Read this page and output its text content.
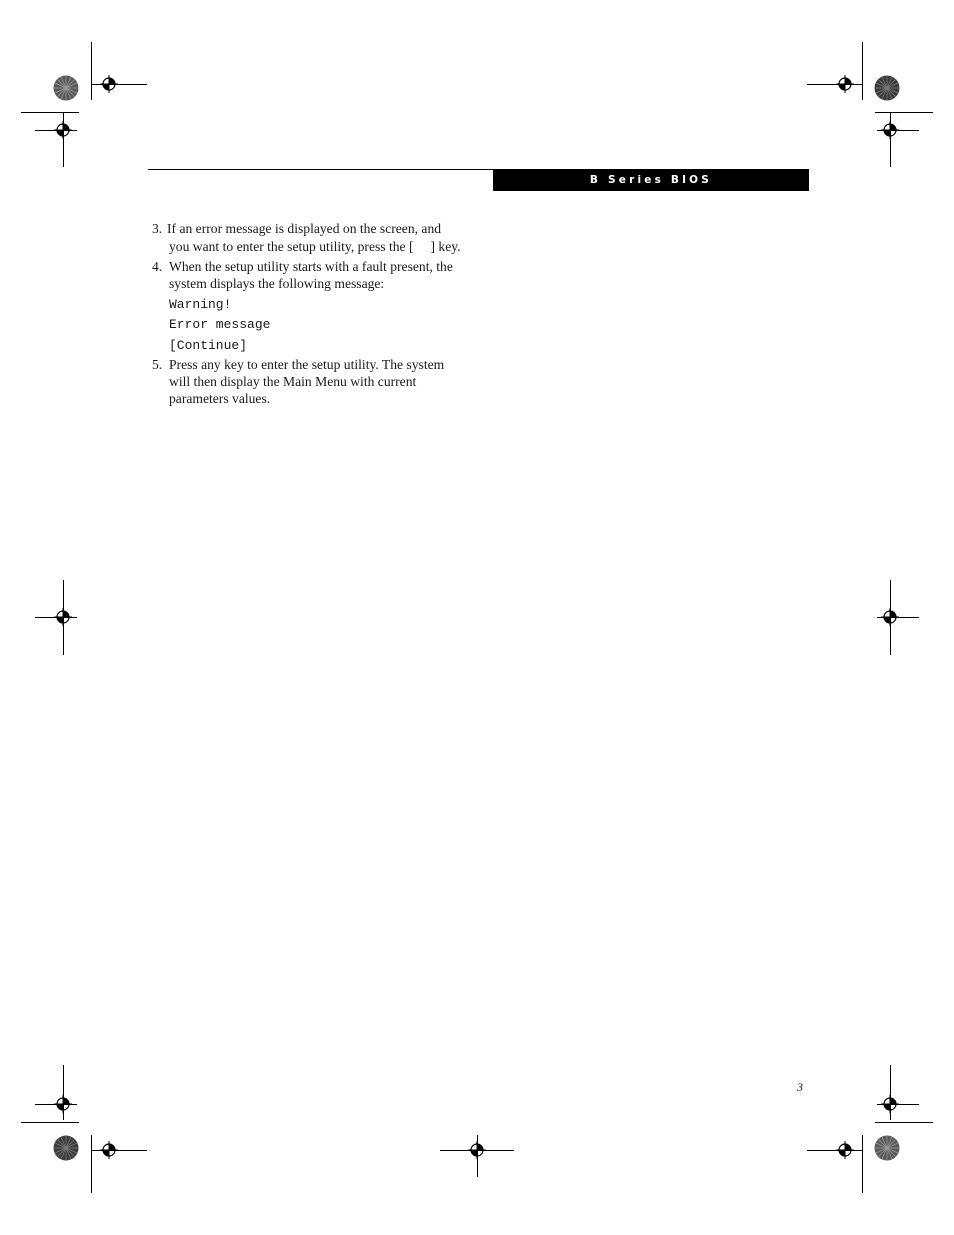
B Series BIOS
3. If an error message is displayed on the screen, and
you want to enter the setup utility, press the [     ] key.
4. When the setup utility starts with a fault present, the
system displays the following message:
Warning!
Error message
[Continue]
5. Press any key to enter the setup utility. The system
will then display the Main Menu with current
parameters values.
3
